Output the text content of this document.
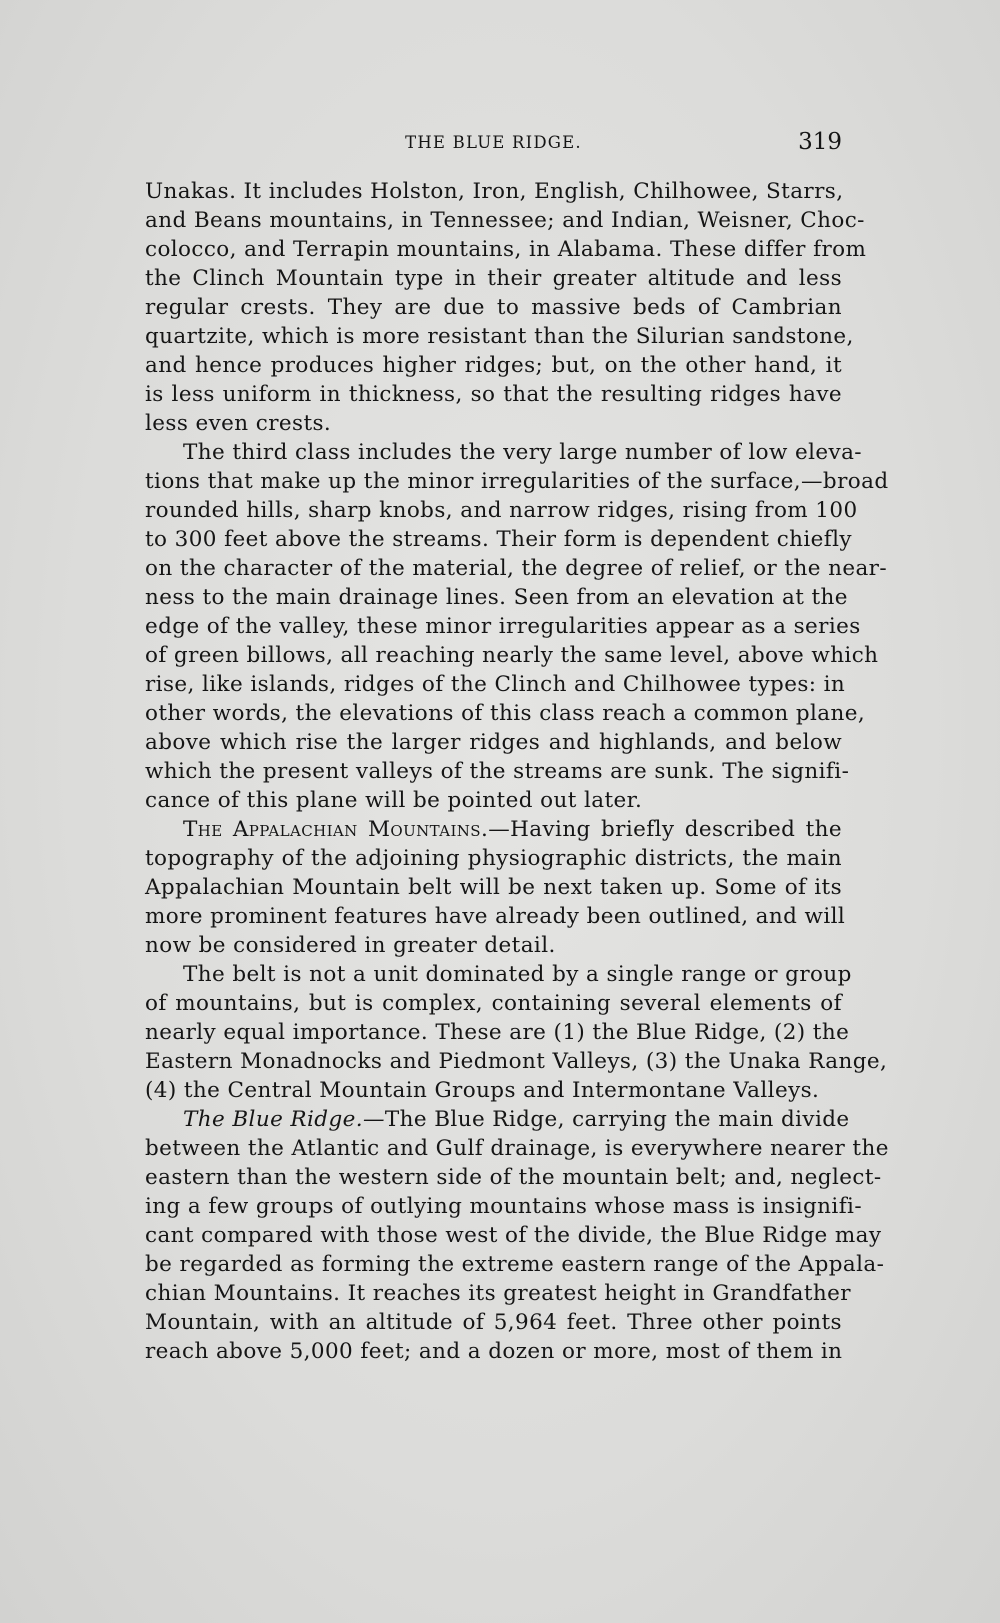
THE BLUE RIDGE.	319
Unakas. It includes Holston, Iron, English, Chilhowee, Starrs,
and Beans mountains, in Tennessee; and Indian, Weisner, Choc-
colocco, and Terrapin mountains, in Alabama. These differ from
the Clinch Mountain type in their greater altitude and less
regular crests. They are due to massive beds of Cambrian
quartzite, which is more resistant than the Silurian sandstone,
and hence produces higher ridges; but, on the other hand, it
is less uniform in thickness, so that the resulting ridges have
less even crests.
The third class includes the very large number of low eleva-
tions that make up the minor irregularities of the surface,—broad
rounded hills, sharp knobs, and narrow ridges, rising from 100
to 300 feet above the streams. Their form is dependent chiefly
on the character of the material, the degree of relief, or the near-
ness to the main drainage lines. Seen from an elevation at the
edge of the valley, these minor irregularities appear as a series
of green billows, all reaching nearly the same level, above which
rise, like islands, ridges of the Clinch and Chilhowee types: in
other words, the elevations of this class reach a common plane,
above which rise the larger ridges and highlands, and below
which the present valleys of the streams are sunk. The signifi-
cance of this plane will be pointed out later.
The Appalachian Mountains.—Having briefly described the
topography of the adjoining physiographic districts, the main
Appalachian Mountain belt will be next taken up. Some of its
more prominent features have already been outlined, and will
now be considered in greater detail.
The belt is not a unit dominated by a single range or group
of mountains, but is complex, containing several elements of
nearly equal importance. These are (1) the Blue Ridge, (2) the
Eastern Monadnocks and Piedmont Valleys, (3) the Unaka Range,
(4) the Central Mountain Groups and Intermontane Valleys.
The Blue Ridge.—The Blue Ridge, carrying the main divide
between the Atlantic and Gulf drainage, is everywhere nearer the
eastern than the western side of the mountain belt; and, neglect-
ing a few groups of outlying mountains whose mass is insignifi-
cant compared with those west of the divide, the Blue Ridge may
be regarded as forming the extreme eastern range of the Appala-
chian Mountains. It reaches its greatest height in Grandfather
Mountain, with an altitude of 5,964 feet. Three other points
reach above 5,000 feet; and a dozen or more, most of them in
